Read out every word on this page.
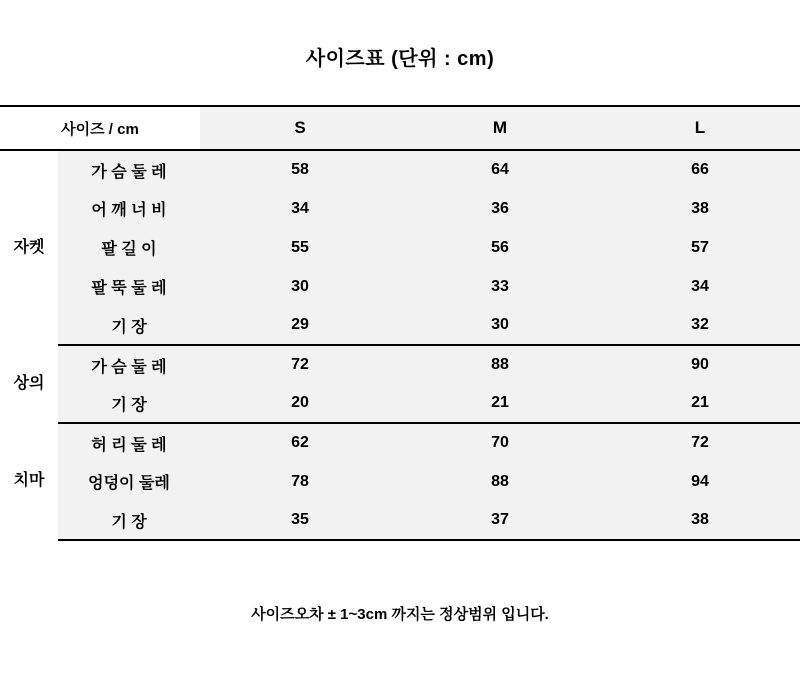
사이즈표 (단위 : cm)
사이즈 / cm		S	M	L
자켓	가 슴 둘 레	58	64	66
	어 깨 너 비	34	36	38
	팔 길 이	55	56	57
	팔 뚝 둘 레	30	33	34
	기 장	29	30	32
상의	가 슴 둘 레	72	88	90
	기 장	20	21	21
치마	허 리 둘 레	62	70	72
	엉덩이 둘레	78	88	94
	기 장	35	37	38
사이즈오차 ± 1~3cm 까지는 정상범위 입니다.
